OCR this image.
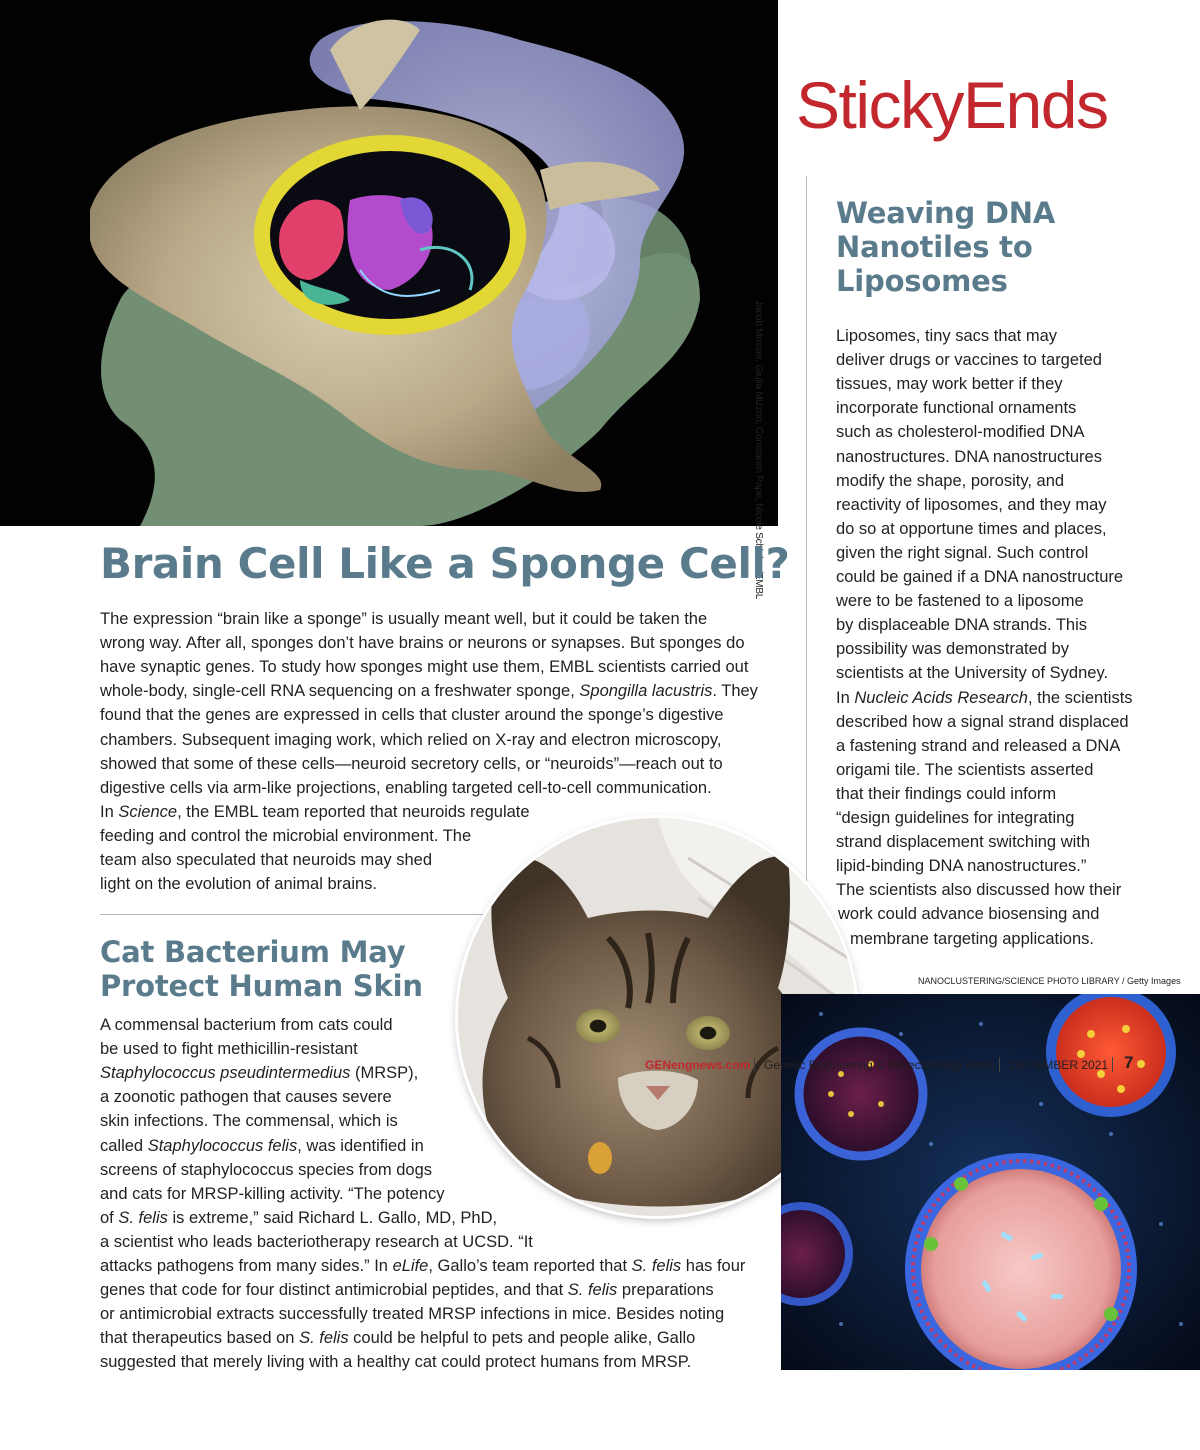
Jacob Musser, Giulia Mizzon, Constantin Pape, Nicole Schieber/EMBL
StickyEnds
Weaving DNA Nanotiles to Liposomes
Liposomes, tiny sacs that may
deliver drugs or vaccines to targeted
tissues, may work better if they
incorporate functional ornaments
such as cholesterol-modified DNA
nanostructures. DNA nanostructures
modify the shape, porosity, and
reactivity of liposomes, and they may
do so at opportune times and places,
given the right signal. Such control
could be gained if a DNA nanostructure
were to be fastened to a liposome
by displaceable DNA strands. This
possibility was demonstrated by
scientists at the University of Sydney.
In Nucleic Acids Research, the scientists
described how a signal strand displaced
a fastening strand and released a DNA
origami tile. The scientists asserted
that their findings could inform
“design guidelines for integrating
strand displacement switching with
lipid-binding DNA nanostructures.”
The scientists also discussed how their
work could advance biosensing and
membrane targeting applications.
Brain Cell Like a Sponge Cell?
The expression “brain like a sponge” is usually meant well, but it could be taken the
wrong way. After all, sponges don’t have brains or neurons or synapses. But sponges do
have synaptic genes. To study how sponges might use them, EMBL scientists carried out
whole-body, single-cell RNA sequencing on a freshwater sponge, Spongilla lacustris. They
found that the genes are expressed in cells that cluster around the sponge’s digestive
chambers. Subsequent imaging work, which relied on X-ray and electron microscopy,
showed that some of these cells—neuroid secretory cells, or “neuroids”—reach out to
digestive cells via arm-like projections, enabling targeted cell-to-cell communication.
In Science, the EMBL team reported that neuroids regulate
feeding and control the microbial environment. The
team also speculated that neuroids may shed
light on the evolution of animal brains.
Cat Bacterium May Protect Human Skin
A commensal bacterium from cats could
be used to fight methicillin-resistant
Staphylococcus pseudintermedius (MRSP),
a zoonotic pathogen that causes severe
skin infections. The commensal, which is
called Staphylococcus felis, was identified in
screens of staphylococcus species from dogs
and cats for MRSP-killing activity. “The potency
of S. felis is extreme,” said Richard L. Gallo, MD, PhD,
a scientist who leads bacteriotherapy research at UCSD. “It
attacks pathogens from many sides.” In eLife, Gallo’s team reported that S. felis has four
genes that code for four distinct antimicrobial peptides, and that S. felis preparations
or antimicrobial extracts successfully treated MRSP infections in mice. Besides noting
that therapeutics based on S. felis could be helpful to pets and people alike, Gallo
suggested that merely living with a healthy cat could protect humans from MRSP.
NANOCLUSTERING/SCIENCE PHOTO LIBRARY / Getty Images
GENengnews.com Genetic Engineering & Biotechnology News DECEMBER 2021 7
